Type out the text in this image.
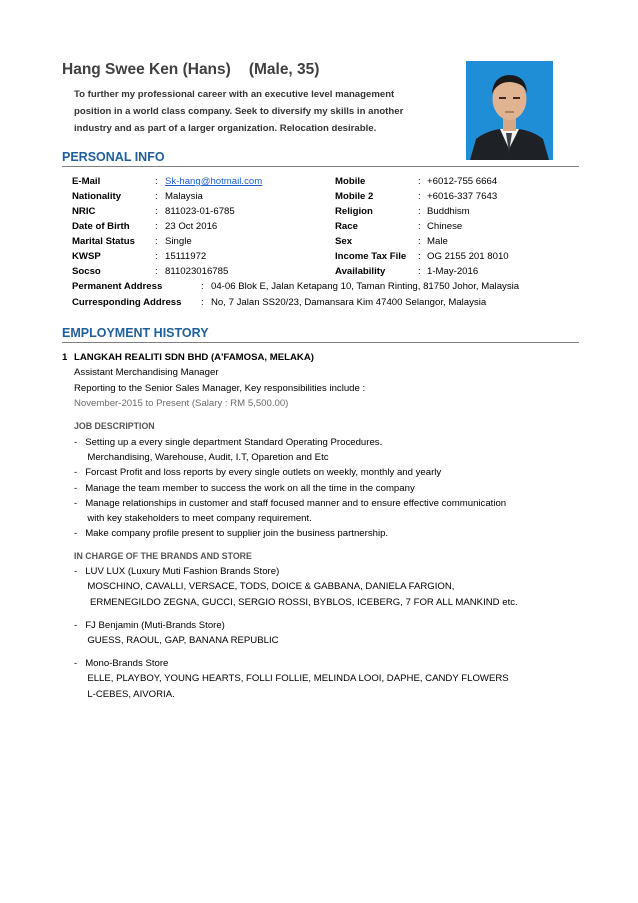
Hang Swee Ken (Hans) (Male, 35)
To further my professional career with an executive level management position in a world class company. Seek to diversify my skills in another industry and as part of a larger organization. Relocation desirable.
PERSONAL INFO
E-Mail	: Sk-hang@hotmail.com	Mobile	: +6012-755 6664
Nationality	: Malaysia	Mobile 2	: +6016-337 7643
NRIC	: 811023-01-6785	Religion	: Buddhism
Date of Birth	: 23 Oct 2016	Race	: Chinese
Marital Status : Single	Sex	: Male
KWSP	: 15111972	Income Tax File : OG 2155 201 8010
Socso	: 811023016785	Availability	: 1-May-2016
Permanent Address	: 04-06 Blok E, Jalan Ketapang 10, Taman Rinting, 81750 Johor, Malaysia
Curresponding Address : No, 7 Jalan SS20/23, Damansara Kim 47400 Selangor, Malaysia
EMPLOYMENT HISTORY
1 LANGKAH REALITI SDN BHD (A'FAMOSA, MELAKA)
Assistant Merchandising Manager
Reporting to the Senior Sales Manager, Key responsibilities include :
November-2015 to Present (Salary : RM 5,500.00)
JOB DESCRIPTION
-   Setting up a every single department Standard Operating Procedures.
Merchandising, Warehouse, Audit, I.T, Oparetion and Etc
-   Forcast Profit and loss reports by every single outlets on weekly, monthly and yearly
-   Manage the team member to success the work on all the time in the company
-   Manage relationships in customer and staff focused manner and to ensure effective communication
with key stakeholders to meet company requirement.
-   Make company profile present to supplier join the business partnership.
IN CHARGE OF THE BRANDS AND STORE
-   LUV LUX (Luxury Muti Fashion Brands Store)
MOSCHINO, CAVALLI, VERSACE, TODS, DOICE & GABBANA, DANIELA FARGION,
ERMENEGILDO ZEGNA, GUCCI, SERGIO ROSSI, BYBLOS, ICEBERG, 7 FOR ALL MANKIND etc.
-   FJ Benjamin (Muti-Brands Store)
GUESS, RAOUL, GAP, BANANA REPUBLIC
-   Mono-Brands Store
ELLE, PLAYBOY, YOUNG HEARTS, FOLLI FOLLIE, MELINDA LOOI, DAPHE, CANDY FLOWERS
L-CEBES, AIVORIA.
